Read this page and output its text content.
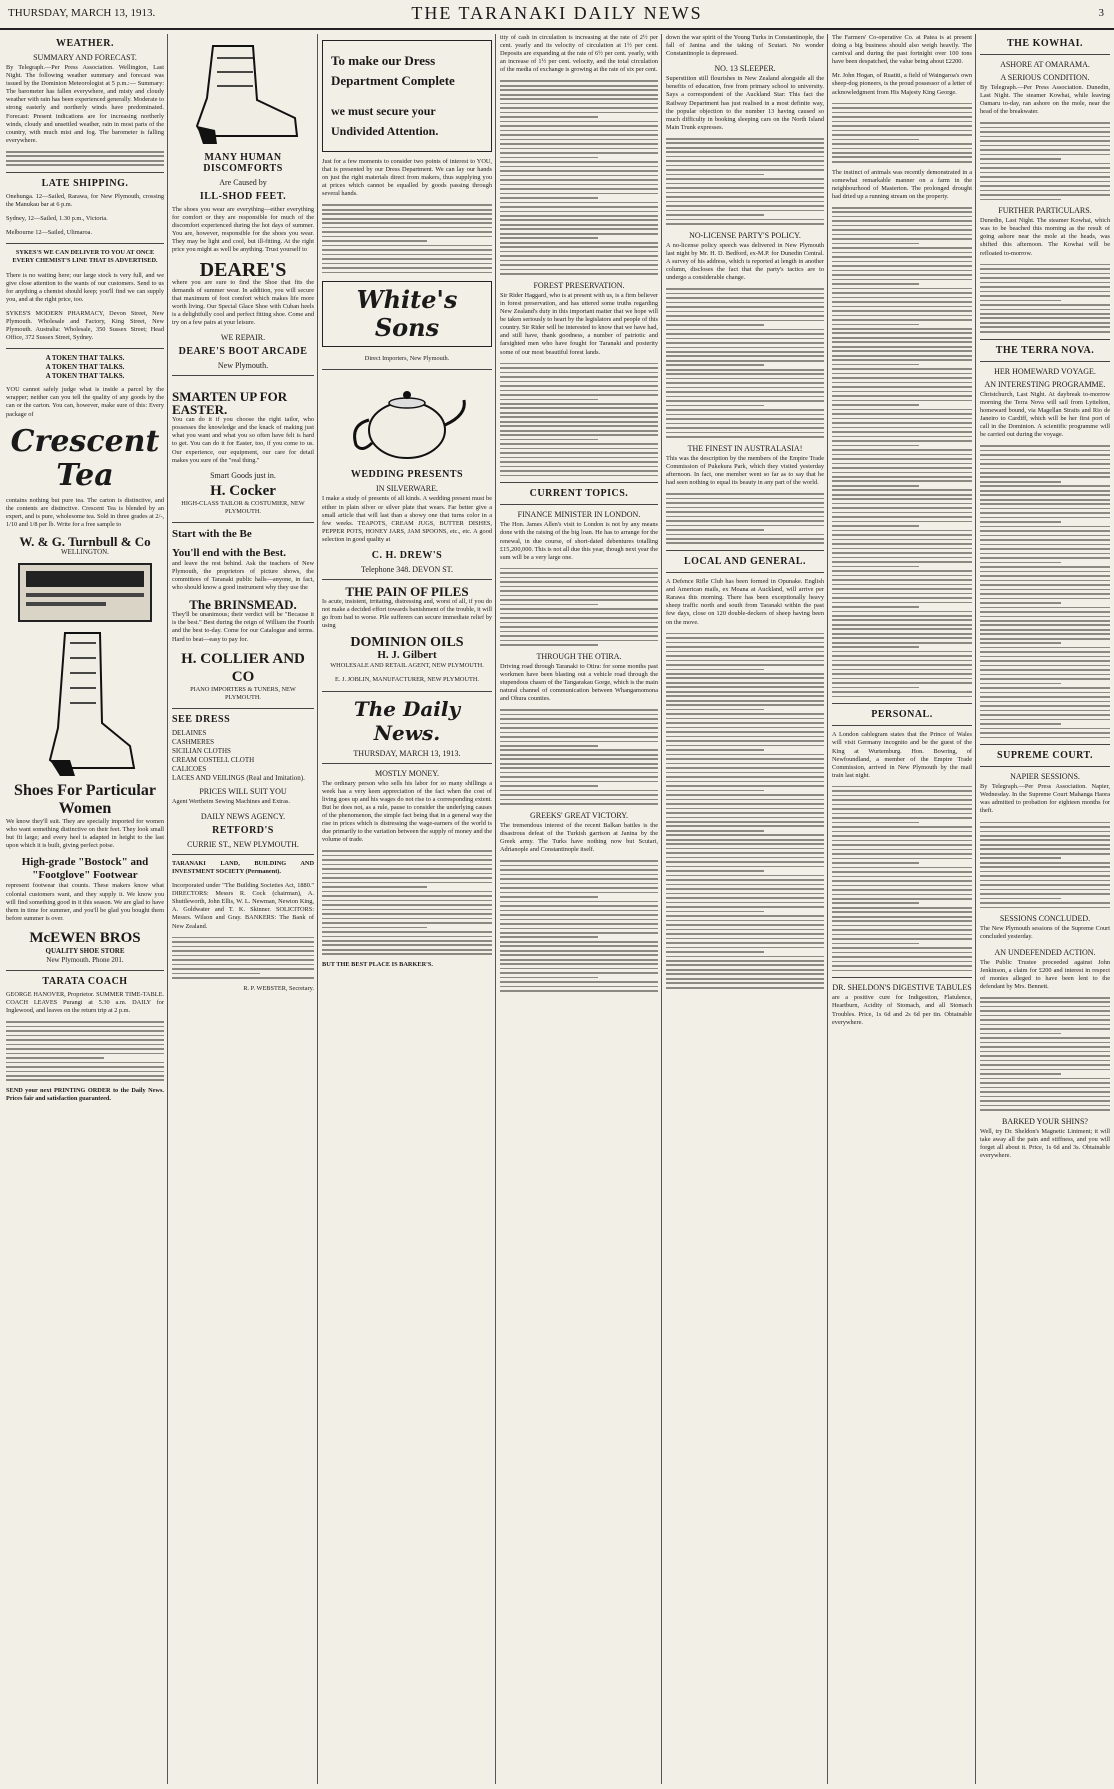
THURSDAY, MARCH 13, 1913.	THE TARANAKI DAILY NEWS	3
WEATHER.
SUMMARY AND FORECAST.

By Telegraph.—Per Press Association. Wellington, Last Night. The following weather summary and forecast was issued by the Dominion Meteorologist at 5 p.m.:— Summary: The barometer has fallen everywhere, and misty and cloudy weather with rain has been experienced generally. Moderate to strong easterly and northerly winds have predominated. Forecast: Present indications are for increasing northerly winds, cloudy and unsettled weather, rain in most parts of the country, with much mist and fog. The barometer is falling everywhere.

LATE SHIPPING.

Onehunga. 12—Sailed, Rarawa, for New Plymouth, crossing the Manukau bar at 6 p.m.

Sydney, 12—Sailed, 1.30 p.m., Victoria.

Melbourne 12—Sailed, Ulimaroa.

SYKES'S WE CAN DELIVER TO YOU AT ONCE EVERY CHEMIST'S LINE THAT IS ADVERTISED.

There is no waiting here; our large stock is very full, and we give close attention to the wants of our customers. Send to us for anything a chemist should keep; you'll find we can supply you, and at the right price, too.

SYKES'S MODERN PHARMACY, Devon Street, New Plymouth. Wholesale and Factory, King Street, New Plymouth. Australia: Wholesale, 350 Sussex Street; Head Office, 372 Sussex Street, Sydney.

A TOKEN THAT TALKS.
A TOKEN THAT TALKS.
A TOKEN THAT TALKS.

YOU cannot safely judge what is inside a parcel by the wrapper; neither can you tell the quality of any goods by the can or the carton. You can, however, make sure of this: Every package of

Crescent Tea

contains nothing but pure tea. The carton is distinctive, and the contents are distinctive. Crescent Tea is blended by an expert, and is pure, wholesome tea. Sold in three grades at 2/-, 1/10 and 1/8 per lb. Write for a free sample to

W. & G. Turnbull & Co
WELLINGTON.
Shoes For Particular Women

We know they'll suit. They are specially imported for women who want something distinctive on their feet. They look small but fit large; and every heel is adapted in height to the last upon which it is built, giving perfect poise.

High-grade "Bostock" and "Footglove" Footwear

represent footwear that counts. These makers know what colonial customers want, and they supply it. We know you will find something good in it this season. We are glad to have them in time for summer, and you'll be glad you bought them before summer is over.

McEWEN BROS
QUALITY SHOE STORE
New Plymouth. Phone 201.
TARATA COACH

GEORGE HANOVER, Proprietor. SUMMER TIME-TABLE. COACH LEAVES Purangi at 5.30 a.m. DAILY for Inglewood, and leaves on the return trip at 2 p.m.

SEND your next PRINTING ORDER to the Daily News. Prices fair and satisfaction guaranteed.

MANY HUMAN DISCOMFORTS
Are Caused by
ILL-SHOD FEET.

The shoes you wear are everything—either everything for comfort or they are responsible for much of the discomfort experienced during the hot days of summer. You are, however, responsible for the shoes you wear. They may be light and cool, but ill-fitting. At the right price you might as well be anything. Trust yourself to

DEARE'S

where you are sure to find the Shoe that fits the demands of summer wear. In addition, you will secure that maximum of foot comfort which makes life more worth living. Our Special Glace Shoe with Cuban heels is a delightfully cool and perfect fitting shoe. Come and try on a few pairs at your leisure.

WE REPAIR.
DEARE'S BOOT ARCADE
New Plymouth.
SMARTEN UP FOR EASTER.

You can do it if you choose the right tailor, who possesses the knowledge and the knack of making just what you want and what you so often have felt is hard to get. You can do it for Easter, too, if you come to us. Our experience, our equipment, our care for detail makes you sure of the "real thing."

Smart Goods just in.
H. Cocker

HIGH-CLASS TAILOR & COSTUMIER, NEW PLYMOUTH.

Start with the Be
You'll end with the Best.

and leave the rest behind. Ask the teachers of New Plymouth, the proprietors of picture shows, the committees of Taranaki public halls—anyone, in fact, who should know a good instrument why they use the

The BRINSMEAD.

They'll be unanimous; their verdict will be "Because it is the best." Best during the reign of William the Fourth and the best to-day. Come for our Catalogue and terms. Hard to beat—easy to pay for.

H. COLLIER AND CO

PIANO IMPORTERS & TUNERS, NEW PLYMOUTH.

SEE DRESS
DELAINES
CASHMERES
SICILIAN CLOTHS
CREAM COSTELL CLOTH
CALICOES
LACES AND VEILINGS (Real and Imitation).
PRICES WILL SUIT YOU

Agent Wertheim Sewing Machines and Extras.

DAILY NEWS AGENCY.
RETFORD'S
CURRIE ST., NEW PLYMOUTH.

TARANAKI LAND, BUILDING AND INVESTMENT SOCIETY (Permanent).

Incorporated under "The Building Societies Act, 1880." DIRECTORS: Messrs R. Cock (chairman), A. Shuttleworth, John Ellis, W. L. Newman, Newton King, A. Goldwater and T. K. Skinner. SOLICITORS: Messrs. Wilson and Gray. BANKERS: The Bank of New Zealand.

R. P. WEBSTER, Secretary.

To make our Dress Department Complete
we must secure your Undivided Attention.

Just for a few moments to consider two points of interest to YOU, that is presented by our Dress Department. We can lay our hands on just the right materials direct from makers, thus supplying you at prices which cannot be equalled by goods passing through several hands.

White's Sons

Direct Importers, New Plymouth.

WEDDING PRESENTS
IN SILVERWARE.

I make a study of presents of all kinds. A wedding present must be either in plain silver or silver plate that wears. Far better give a small article that will last than a showy one that turns color in a few weeks. TEAPOTS, CREAM JUGS, BUTTER DISHES, PEPPER POTS, HONEY JARS, JAM SPOONS, etc., etc. A good selection in good quality at

C. H. DREW'S
Telephone 348. DEVON ST.
THE PAIN OF PILES

Is acute, insistent, irritating, distressing and, worst of all, if you do not make a decided effort towards banishment of the trouble, it will go from bad to worse. Pile sufferers can secure immediate relief by using

DOMINION OILS
H. J. Gilbert

WHOLESALE AND RETAIL AGENT, NEW PLYMOUTH.

E. J. JOBLIN, MANUFACTURER, NEW PLYMOUTH.

The Daily News.
THURSDAY, MARCH 13, 1913.
MOSTLY MONEY.

The ordinary person who sells his labor for so many shillings a week has a very keen appreciation of the fact when the cost of living goes up and his wages do not rise to a corresponding extent. But he does not, as a rule, pause to consider the underlying causes of the phenomenon, the simple fact being that in a general way the rise in prices which is distressing the wage-earners of the world is due primarily to the variation between the supply of money and the volume of trade.

BUT THE BEST PLACE IS BARKER'S.

tity of cash in circulation is increasing at the rate of 2½ per cent. yearly and its velocity of circulation at 1½ per cent. Deposits are expanding at the rate of 6½ per cent. yearly, with an increase of 1½ per cent. velocity, and the total circulation of the media of exchange is growing at the rate of six per cent.

FOREST PRESERVATION.

Sir Rider Haggard, who is at present with us, is a firm believer in forest preservation, and has uttered some truths regarding New Zealand's duty in this important matter that we hope will be taken seriously to heart by the legislators and people of this country. Sir Rider will be interested to know that we have had, and still have, thank goodness, a number of patriotic and farsighted men who have fought for Taranaki and posterity some of our most beautiful forest lands.

CURRENT TOPICS.
FINANCE MINISTER IN LONDON.

The Hon. James Allen's visit to London is not by any means done with the raising of the big loan. He has to arrange for the renewal, in due course, of short-dated debentures totalling £15,200,000. This is not all due this year, though next year the sum will be a very large one.

THROUGH THE OTIRA.

Driving road through Taranaki to Otira: for some months past workmen have been blasting out a vehicle road through the stupendous chasm of the Tangarakau Gorge, which is the main natural channel of communication between Whangamomona and Ohura counties.

GREEKS' GREAT VICTORY.

The tremendous interest of the recent Balkan battles is the disastrous defeat of the Turkish garrison at Janina by the Greek army. The Turks have nothing now but Scutari, Adrianople and Constantinople itself.

down the war spirit of the Young Turks in Constantinople, the fall of Janina and the taking of Scutari. No wonder Constantinople is depressed.

NO. 13 SLEEPER.

Superstition still flourishes in New Zealand alongside all the benefits of education, free from primary school to university. Says a correspondent of the Auckland Star: This fact the Railway Department has just realised in a most definite way, the popular objection to the number 13 having caused so much difficulty in booking sleeping cars on the North Island Main Trunk expresses.

NO-LICENSE PARTY'S POLICY.

A no-license policy speech was delivered in New Plymouth last night by Mr. H. D. Bedford, ex-M.P. for Dunedin Central. A survey of his address, which is reported at length in another column, discloses the fact that the party's tactics are to undergo a considerable change.

THE FINEST IN AUSTRALASIA!

This was the description by the members of the Empire Trade Commission of Pukekura Park, which they visited yesterday afternoon. In fact, one member went so far as to say that he had seen nothing to equal its beauty in any part of the world.

LOCAL AND GENERAL.

A Defence Rifle Club has been formed in Opunake. English and American mails, ex Moana at Auckland, will arrive per Rarawa this morning. There has been exceptionally heavy sheep traffic north and south from Taranaki within the past few days, close on 120 double-deckers of sheep having been on the move.

The Farmers' Co-operative Co. at Patea is at present doing a big business should also weigh heavily. The carnival and during the past fortnight over 100 tons have been despatched, the value being about £2200.

Mr. John Hogan, of Ruatiti, a field of Waingaroa's own sheep-dog pioneers, is the proud possessor of a letter of acknowledgment from His Majesty King George.

The instinct of animals was recently demonstrated in a somewhat remarkable manner on a farm in the neighbourhood of Masterton. The prolonged drought had dried up a running stream on the property.

PERSONAL.

A London cablegram states that the Prince of Wales will visit Germany incognito and be the guest of the King at Wurtemburg. Hon. Bowring, of Newfoundland, a member of the Empire Trade Commission, arrived in New Plymouth by the mail train last night.

DR. SHELDON'S DIGESTIVE TABULES

are a positive cure for Indigestion, Flatulence, Heartburn, Acidity of Stomach, and all Stomach Troubles. Price, 1s 6d and 2s 6d per tin. Obtainable everywhere.

THE KOWHAI.
ASHORE AT OMARAMA.
A SERIOUS CONDITION.

By Telegraph.—Per Press Association. Dunedin, Last Night. The steamer Kowhai, while leaving Oamaru to-day, ran ashore on the mole, near the head of the breakwater.

FURTHER PARTICULARS.

Dunedin, Last Night. The steamer Kowhai, which was to be beached this morning as the result of going ashore near the mole at the heads, was shifted this afternoon. The Kowhai will be refloated to-morrow.

THE TERRA NOVA.
HER HOMEWARD VOYAGE.
AN INTERESTING PROGRAMME.

Christchurch, Last Night. At daybreak to-morrow morning the Terra Nova will sail from Lyttelton, homeward bound, via Magellan Straits and Rio de Janeiro to Cardiff, which will be her first port of call in the Dominion. A scientific programme will be carried out during the voyage.

SUPREME COURT.
NAPIER SESSIONS.

By Telegraph.—Per Press Association. Napier, Wednesday. In the Supreme Court Mahanga Haora was admitted to probation for eighteen months for theft.

SESSIONS CONCLUDED.

The New Plymouth sessions of the Supreme Court concluded yesterday.

AN UNDEFENDED ACTION.

The Public Trustee proceeded against John Jenkinson, a claim for £200 and interest in respect of monies alleged to have been lent to the defendant by Mrs. Bennett.

BARKED YOUR SHINS?

Well, try Dr. Sheldon's Magnetic Liniment; it will take away all the pain and stiffness, and you will forget all about it. Price, 1s 6d and 3s. Obtainable everywhere.
